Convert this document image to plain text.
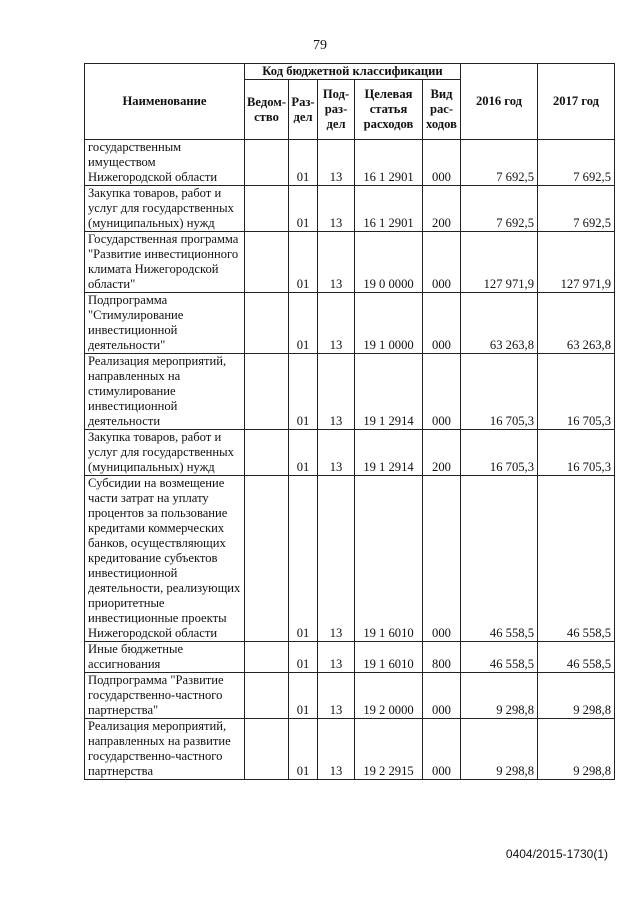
79
Наименование	Код бюджетной классификации					2016 год	2017 год
	Ведом-ство	Раз-дел	Под-раз-дел	Целевая статья расходов	Вид рас-ходов		
государственным имуществом Нижегородской области		01	13	16 1 2901	000	7 692,5	7 692,5
Закупка товаров, работ и услуг для государственных (муниципальных) нужд		01	13	16 1 2901	200	7 692,5	7 692,5
Государственная программа "Развитие инвестиционного климата Нижегородской области"		01	13	19 0 0000	000	127 971,9	127 971,9
Подпрограмма "Стимулирование инвестиционной деятельности"		01	13	19 1 0000	000	63 263,8	63 263,8
Реализация мероприятий, направленных на стимулирование инвестиционной деятельности		01	13	19 1 2914	000	16 705,3	16 705,3
Закупка товаров, работ и услуг для государственных (муниципальных) нужд		01	13	19 1 2914	200	16 705,3	16 705,3
Субсидии на возмещение части затрат на уплату процентов за пользование кредитами коммерческих банков, осуществляющих кредитование субъектов инвестиционной деятельности, реализующих приоритетные инвестиционные проекты Нижегородской области		01	13	19 1 6010	000	46 558,5	46 558,5
Иные бюджетные ассигнования		01	13	19 1 6010	800	46 558,5	46 558,5
Подпрограмма "Развитие государственно-частного партнерства"		01	13	19 2 0000	000	9 298,8	9 298,8
Реализация мероприятий, направленных на развитие государственно-частного партнерства		01	13	19 2 2915	000	9 298,8	9 298,8
0404/2015-1730(1)
